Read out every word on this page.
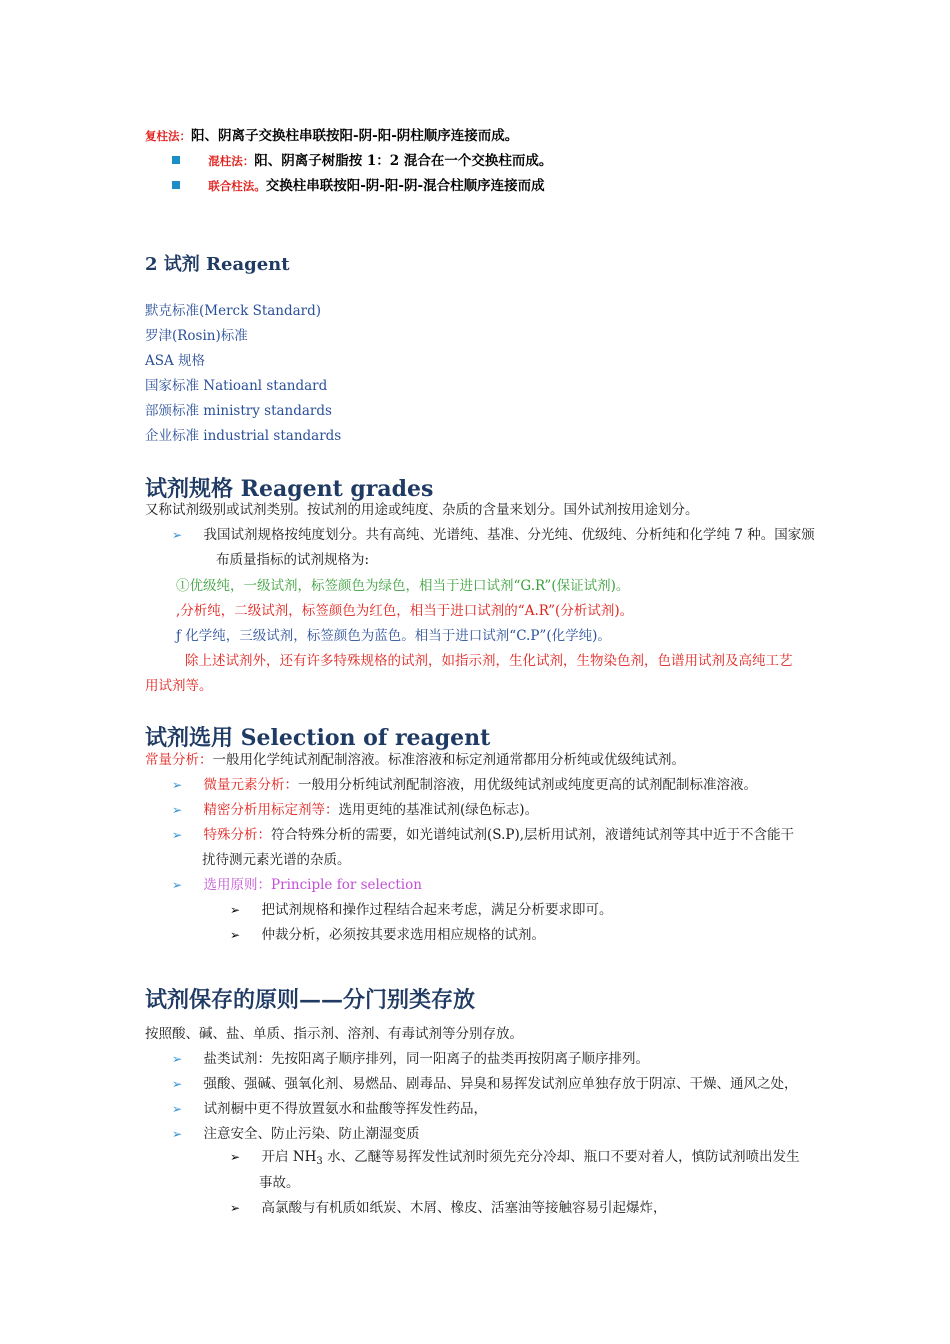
复柱法：阳、阴离子交换柱串联按阳-阴-阳-阴柱顺序连接而成。
混柱法：阳、阴离子树脂按 1：2 混合在一个交换柱而成。
联合柱法。交换柱串联按阳-阴-阳-阴-混合柱顺序连接而成
2 试剂 Reagent
默克标准(Merck Standard)
罗津(Rosin)标准
ASA 规格
国家标准 Natioanl standard
部颁标准 ministry standards
企业标准 industrial standards
试剂规格 Reagent grades
又称试剂级别或试剂类别。按试剂的用途或纯度、杂质的含量来划分。国外试剂按用途划分。
➢ 我国试剂规格按纯度划分。共有高纯、光谱纯、基准、分光纯、优级纯、分析纯和化学纯 7 种。国家颁
布质量指标的试剂规格为:
①优级纯，一级试剂，标签颜色为绿色，相当于进口试剂“G.R”(保证试剂)。
,分析纯，二级试剂，标签颜色为红色，相当于进口试剂的“A.R”(分析试剂)。
ƒ 化学纯，三级试剂，标签颜色为蓝色。相当于进口试剂“C.P”(化学纯)。
除上述试剂外，还有许多特殊规格的试剂，如指示剂，生化试剂，生物染色剂，色谱用试剂及高纯工艺
用试剂等。
试剂选用 Selection of reagent
常量分析：一般用化学纯试剂配制溶液。标准溶液和标定剂通常都用分析纯或优级纯试剂。
➢ 微量元素分析：一般用分析纯试剂配制溶液，用优级纯试剂或纯度更高的试剂配制标准溶液。
➢ 精密分析用标定剂等：选用更纯的基准试剂(绿色标志)。
➢ 特殊分析：符合特殊分析的需要，如光谱纯试剂(S.P),层析用试剂，液谱纯试剂等其中近于不含能干
扰待测元素光谱的杂质。
➢ 选用原则：Principle for selection
➢ 把试剂规格和操作过程结合起来考虑，满足分析要求即可。
➢ 仲裁分析，必须按其要求选用相应规格的试剂。
试剂保存的原则——分门别类存放
按照酸、碱、盐、单质、指示剂、溶剂、有毒试剂等分别存放。
➢ 盐类试剂：先按阳离子顺序排列，同一阳离子的盐类再按阴离子顺序排列。
➢ 强酸、强碱、强氧化剂、易燃品、剧毒品、异臭和易挥发试剂应单独存放于阴凉、干燥、通风之处，
➢ 试剂橱中更不得放置氨水和盐酸等挥发性药品，
➢ 注意安全、防止污染、防止潮湿变质
➢ 开启 $NH_3$ 水、乙醚等易挥发性试剂时须先充分冷却、瓶口不要对着人，慎防试剂喷出发生
事故。
➢ 高氯酸与有机质如纸炭、木屑、橡皮、活塞油等接触容易引起爆炸，
